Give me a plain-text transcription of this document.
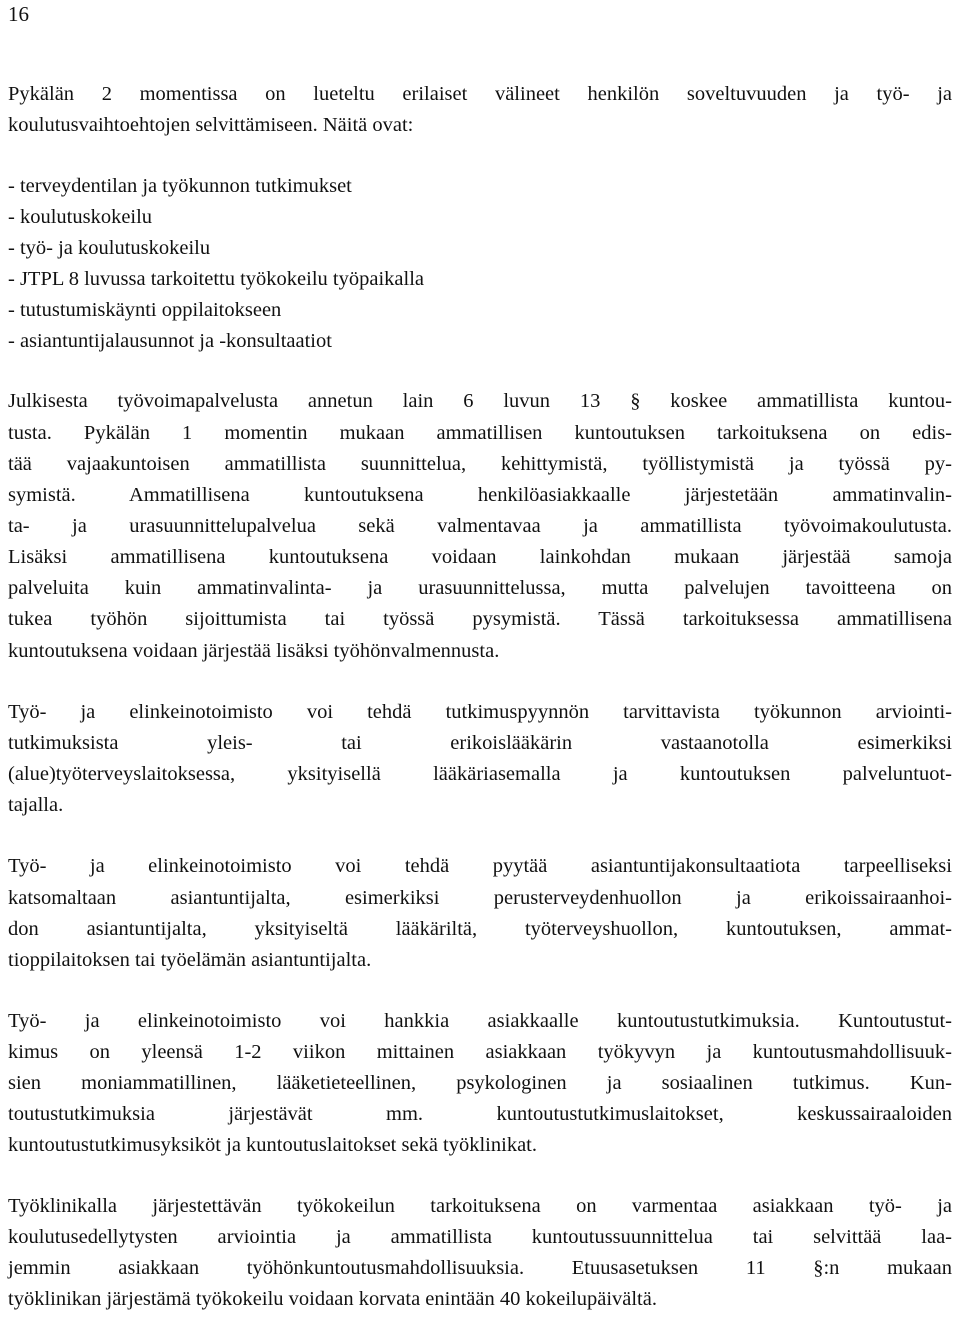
16
Pykälän 2 momentissa on lueteltu erilaiset välineet henkilön soveltuvuuden ja työ- ja
koulutusvaihtoehtojen selvittämiseen. Näitä ovat:
- terveydentilan ja työkunnon tutkimukset
- koulutuskokeilu
- työ- ja koulutuskokeilu
- JTPL 8 luvussa tarkoitettu työkokeilu työpaikalla
- tutustumiskäynti oppilaitokseen
- asiantuntijalausunnot ja -konsultaatiot
Julkisesta työvoimapalvelusta annetun lain 6 luvun 13 § koskee ammatillista kuntou-
tusta. Pykälän 1 momentin mukaan ammatillisen kuntoutuksen tarkoituksena on edis-
tää vajaakuntoisen ammatillista suunnittelua, kehittymistä, työllistymistä ja työssä py-
symistä. Ammatillisena kuntoutuksena henkilöasiakkaalle järjestetään ammatinvalin-
ta- ja urasuunnittelupalvelua sekä valmentavaa ja ammatillista työvoimakoulutusta.
Lisäksi ammatillisena kuntoutuksena voidaan lainkohdan mukaan järjestää samoja
palveluita kuin ammatinvalinta- ja urasuunnittelussa, mutta palvelujen tavoitteena on
tukea työhön sijoittumista tai työssä pysymistä. Tässä tarkoituksessa ammatillisena
kuntoutuksena voidaan järjestää lisäksi työhönvalmennusta.
Työ- ja elinkeinotoimisto voi tehdä tutkimuspyynnön tarvittavista työkunnon arviointi-
tutkimuksista yleis- tai erikoislääkärin vastaanotolla esimerkiksi
(alue)työterveyslaitoksessa, yksityisellä lääkäriasemalla ja kuntoutuksen palveluntuot-
tajalla.
Työ- ja elinkeinotoimisto voi tehdä pyytää asiantuntijakonsultaatiota tarpeelliseksi
katsomaltaan asiantuntijalta, esimerkiksi perusterveydenhuollon ja erikoissairaanhoi-
don asiantuntijalta, yksityiseltä lääkäriltä, työterveyshuollon, kuntoutuksen, ammat-
tioppilaitoksen tai työelämän asiantuntijalta.
Työ- ja elinkeinotoimisto voi hankkia asiakkaalle kuntoutustutkimuksia. Kuntoutustut-
kimus on yleensä 1-2 viikon mittainen asiakkaan työkyvyn ja kuntoutusmahdollisuuk-
sien moniammatillinen, lääketieteellinen, psykologinen ja sosiaalinen tutkimus. Kun-
toutustutkimuksia järjestävät mm. kuntoutustutkimuslaitokset, keskussairaaloiden
kuntoutustutkimusyksiköt ja kuntoutuslaitokset sekä työklinikat.
Työklinikalla järjestettävän työkokeilun tarkoituksena on varmentaa asiakkaan työ- ja
koulutusedellytysten arviointia ja ammatillista kuntoutussuunnittelua tai selvittää laa-
jemmin asiakkaan työhönkuntoutusmahdollisuuksia. Etuusasetuksen 11 §:n mukaan
työklinikan järjestämä työkokeilu voidaan korvata enintään 40 kokeilupäivältä.
